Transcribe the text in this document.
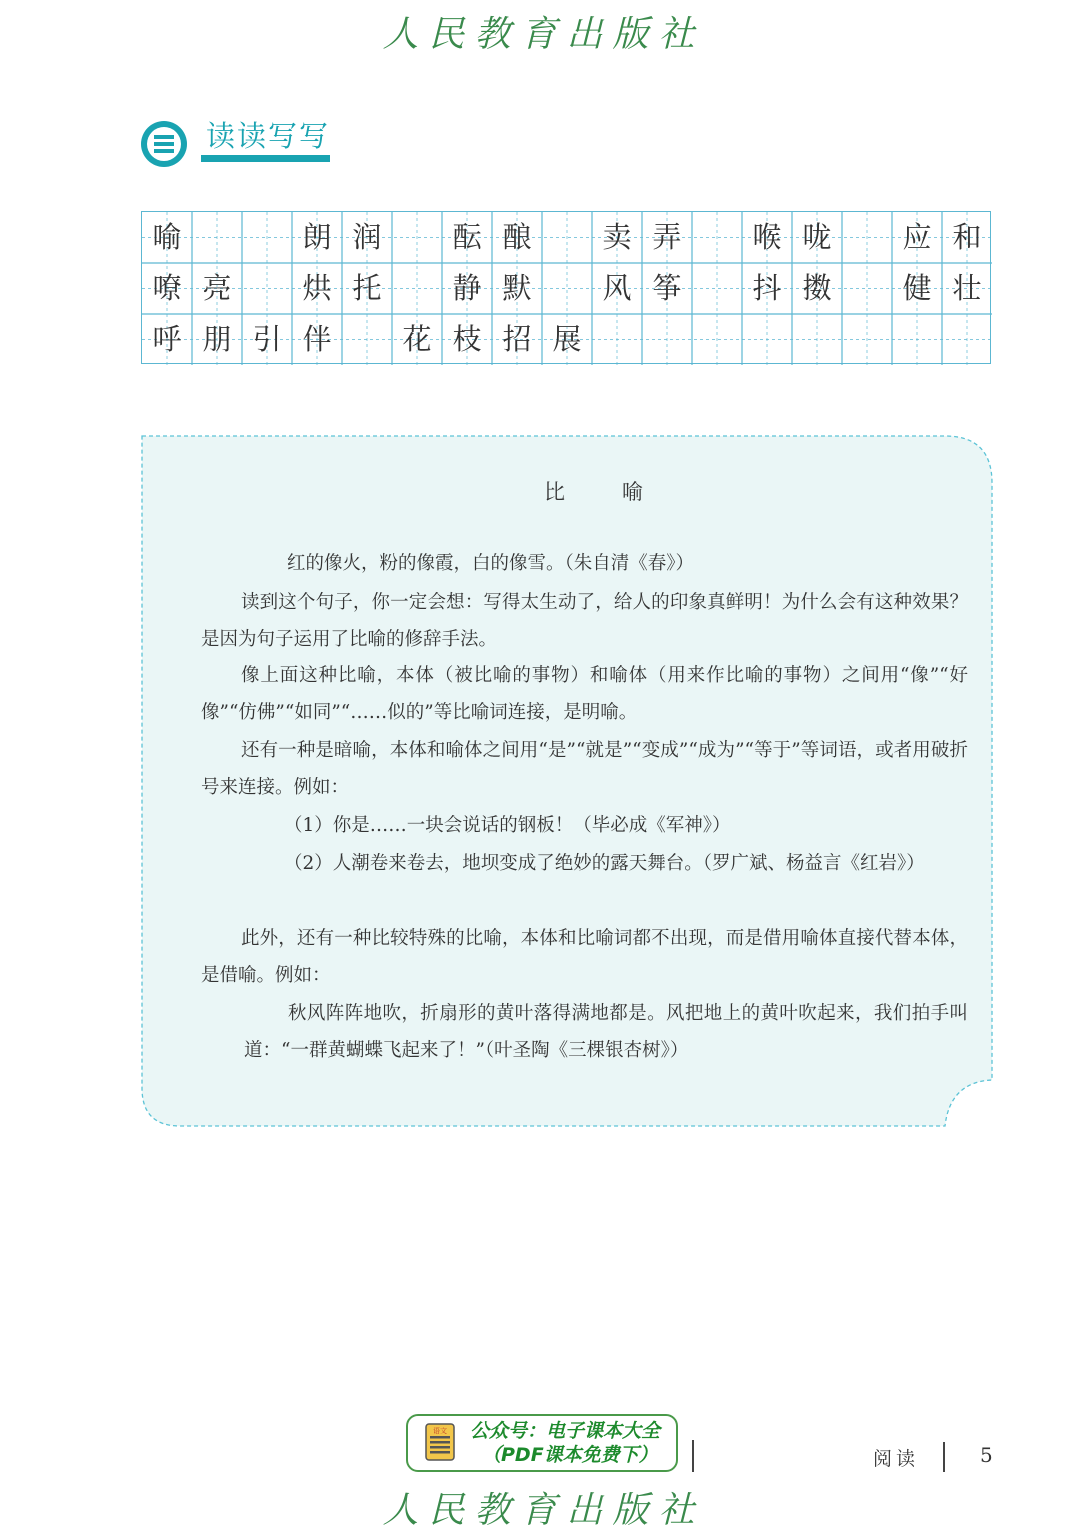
人民教育出版社
读读写写
喻	朗 润	酝 酿	卖 弄	喉 咙	应 和
嘹 亮	烘 托	静 默	风 筝	抖 擞	健 壮
呼 朋 引 伴	花 枝 招 展
比　喻

红的像火，粉的像霞，白的像雪。（朱自清《春》）

读到这个句子，你一定会想：写得太生动了，给人的印象真鲜明！为什么会有这种效果？是因为句子运用了比喻的修辞手法。

像上面这种比喻，本体（被比喻的事物）和喻体（用来作比喻的事物）之间用“像”“好像”“仿佛”“如同”“……似的”等比喻词连接，是明喻。

还有一种是暗喻，本体和喻体之间用“是”“就是”“变成”“成为”“等于”等词语，或者用破折号来连接。例如：

（1）你是……一块会说话的钢板！（毕必成《军神》）

（2）人潮卷来卷去，地坝变成了绝妙的露天舞台。（罗广斌、杨益言《红岩》）

此外，还有一种比较特殊的比喻，本体和比喻词都不出现，而是借用喻体直接代替本体，是借喻。例如：

秋风阵阵地吹，折扇形的黄叶落得满地都是。风把地上的黄叶吹起来，我们拍手叫道：“一群黄蝴蝶飞起来了！”（叶圣陶《三棵银杏树》）

语文 公众号：电子课本大全
（PDF课本免费下）	阅读	5
人民教育出版社
